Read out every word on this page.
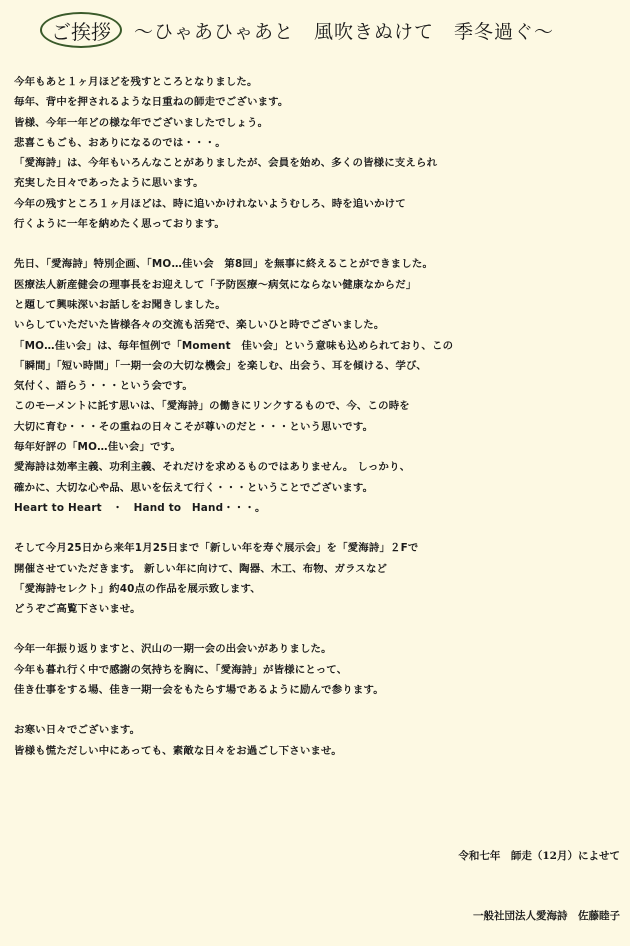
ご挨拶	～ひゃあひゃあと　風吹きぬけて　季冬過ぐ～
今年もあと１ヶ月ほどを残すところとなりました。
毎年、背中を押されるような日重ねの師走でございます。
皆様、今年一年どの様な年でございましたでしょう。
悲喜こもごも、おありになるのでは・・・。
「愛海詩」は、今年もいろんなことがありましたが、会員を始め、多くの皆様に支えられ
充実した日々であったように思います。
今年の残すところ１ヶ月ほどは、時に追いかけれないようむしろ、時を追いかけて
行くように一年を納めたく思っております。
先日、「愛海詩」特別企画、「MO…佳い会　第8回」を無事に終えることができました。
医療法人新産健会の理事長をお迎えして「予防医療～病気にならない健康なからだ」
と題して興味深いお話しをお聞きしました。
いらしていただいた皆様各々の交流も活発で、楽しいひと時でございました。
「MO…佳い会」は、毎年恒例で「Moment　佳い会」という意味も込められており、この
「瞬間」「短い時間」「一期一会の大切な機会」を楽しむ、出会う、耳を傾ける、学び、
気付く、語らう・・・という会です。
このモーメントに託す思いは、「愛海詩」の働きにリンクするもので、今、この時を
大切に育む・・・その重ねの日々こそが尊いのだと・・・という思いです。
毎年好評の「MO…佳い会」です。
愛海詩は効率主義、功利主義、それだけを求めるものではありません。 しっかり、
確かに、大切な心や品、思いを伝えて行く・・・ということでございます。
Heart to Heart　・　Hand to　Hand・・・。
そして今月25日から来年1月25日まで「新しい年を寿ぐ展示会」を「愛海詩」２Fで
開催させていただきます。 新しい年に向けて、陶器、木工、布物、ガラスなど
「愛海詩セレクト」約40点の作品を展示致します、
どうぞご高覧下さいませ。
今年一年振り返りますと、沢山の一期一会の出会いがありました。
今年も暮れ行く中で感謝の気持ちを胸に、「愛海詩」が皆様にとって、
佳き仕事をする場、佳き一期一会をもたらす場であるように励んで参ります。
お寒い日々でございます。
皆様も慌ただしい中にあっても、素敵な日々をお過ごし下さいませ。

令和七年　師走（12月）によせて

一般社団法人愛海詩　佐藤睦子
